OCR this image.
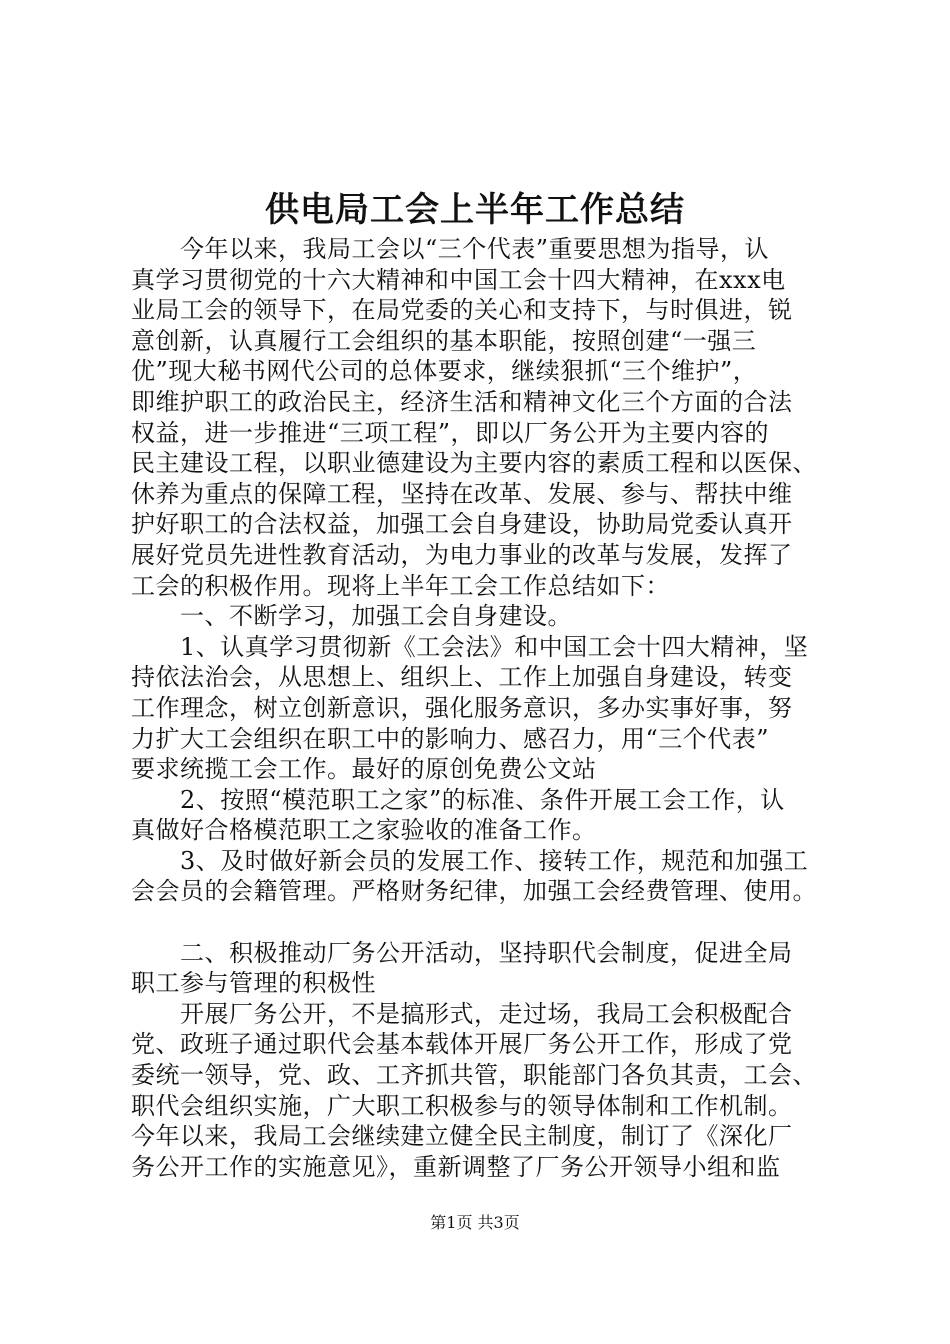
供电局工会上半年工作总结
　　今年以来，我局工会以“三个代表”重要思想为指导，认
真学习贯彻党的十六大精神和中国工会十四大精神，在xxx电
业局工会的领导下，在局党委的关心和支持下，与时俱进，锐
意创新，认真履行工会组织的基本职能，按照创建“一强三
优”现大秘书网代公司的总体要求，继续狠抓“三个维护”，
即维护职工的政治民主，经济生活和精神文化三个方面的合法
权益，进一步推进“三项工程”，即以厂务公开为主要内容的
民主建设工程，以职业德建设为主要内容的素质工程和以医保、
休养为重点的保障工程，坚持在改革、发展、参与、帮扶中维
护好职工的合法权益，加强工会自身建设，协助局党委认真开
展好党员先进性教育活动，为电力事业的改革与发展，发挥了
工会的积极作用。现将上半年工会工作总结如下：
　　一、不断学习，加强工会自身建设。
　　1、认真学习贯彻新《工会法》和中国工会十四大精神，坚
持依法治会，从思想上、组织上、工作上加强自身建设，转变
工作理念，树立创新意识，强化服务意识，多办实事好事，努
力扩大工会组织在职工中的影响力、感召力，用“三个代表”
要求统揽工会工作。最好的原创免费公文站
　　2、按照“模范职工之家”的标准、条件开展工会工作，认
真做好合格模范职工之家验收的准备工作。
　　3、及时做好新会员的发展工作、接转工作，规范和加强工
会会员的会籍管理。严格财务纪律，加强工会经费管理、使用。
　　二、积极推动厂务公开活动，坚持职代会制度，促进全局
职工参与管理的积极性
　　开展厂务公开，不是搞形式，走过场，我局工会积极配合
党、政班子通过职代会基本载体开展厂务公开工作，形成了党
委统一领导，党、政、工齐抓共管，职能部门各负其责，工会、
职代会组织实施，广大职工积极参与的领导体制和工作机制。
今年以来，我局工会继续建立健全民主制度，制订了《深化厂
务公开工作的实施意见》，重新调整了厂务公开领导小组和监
第1页 共3页
